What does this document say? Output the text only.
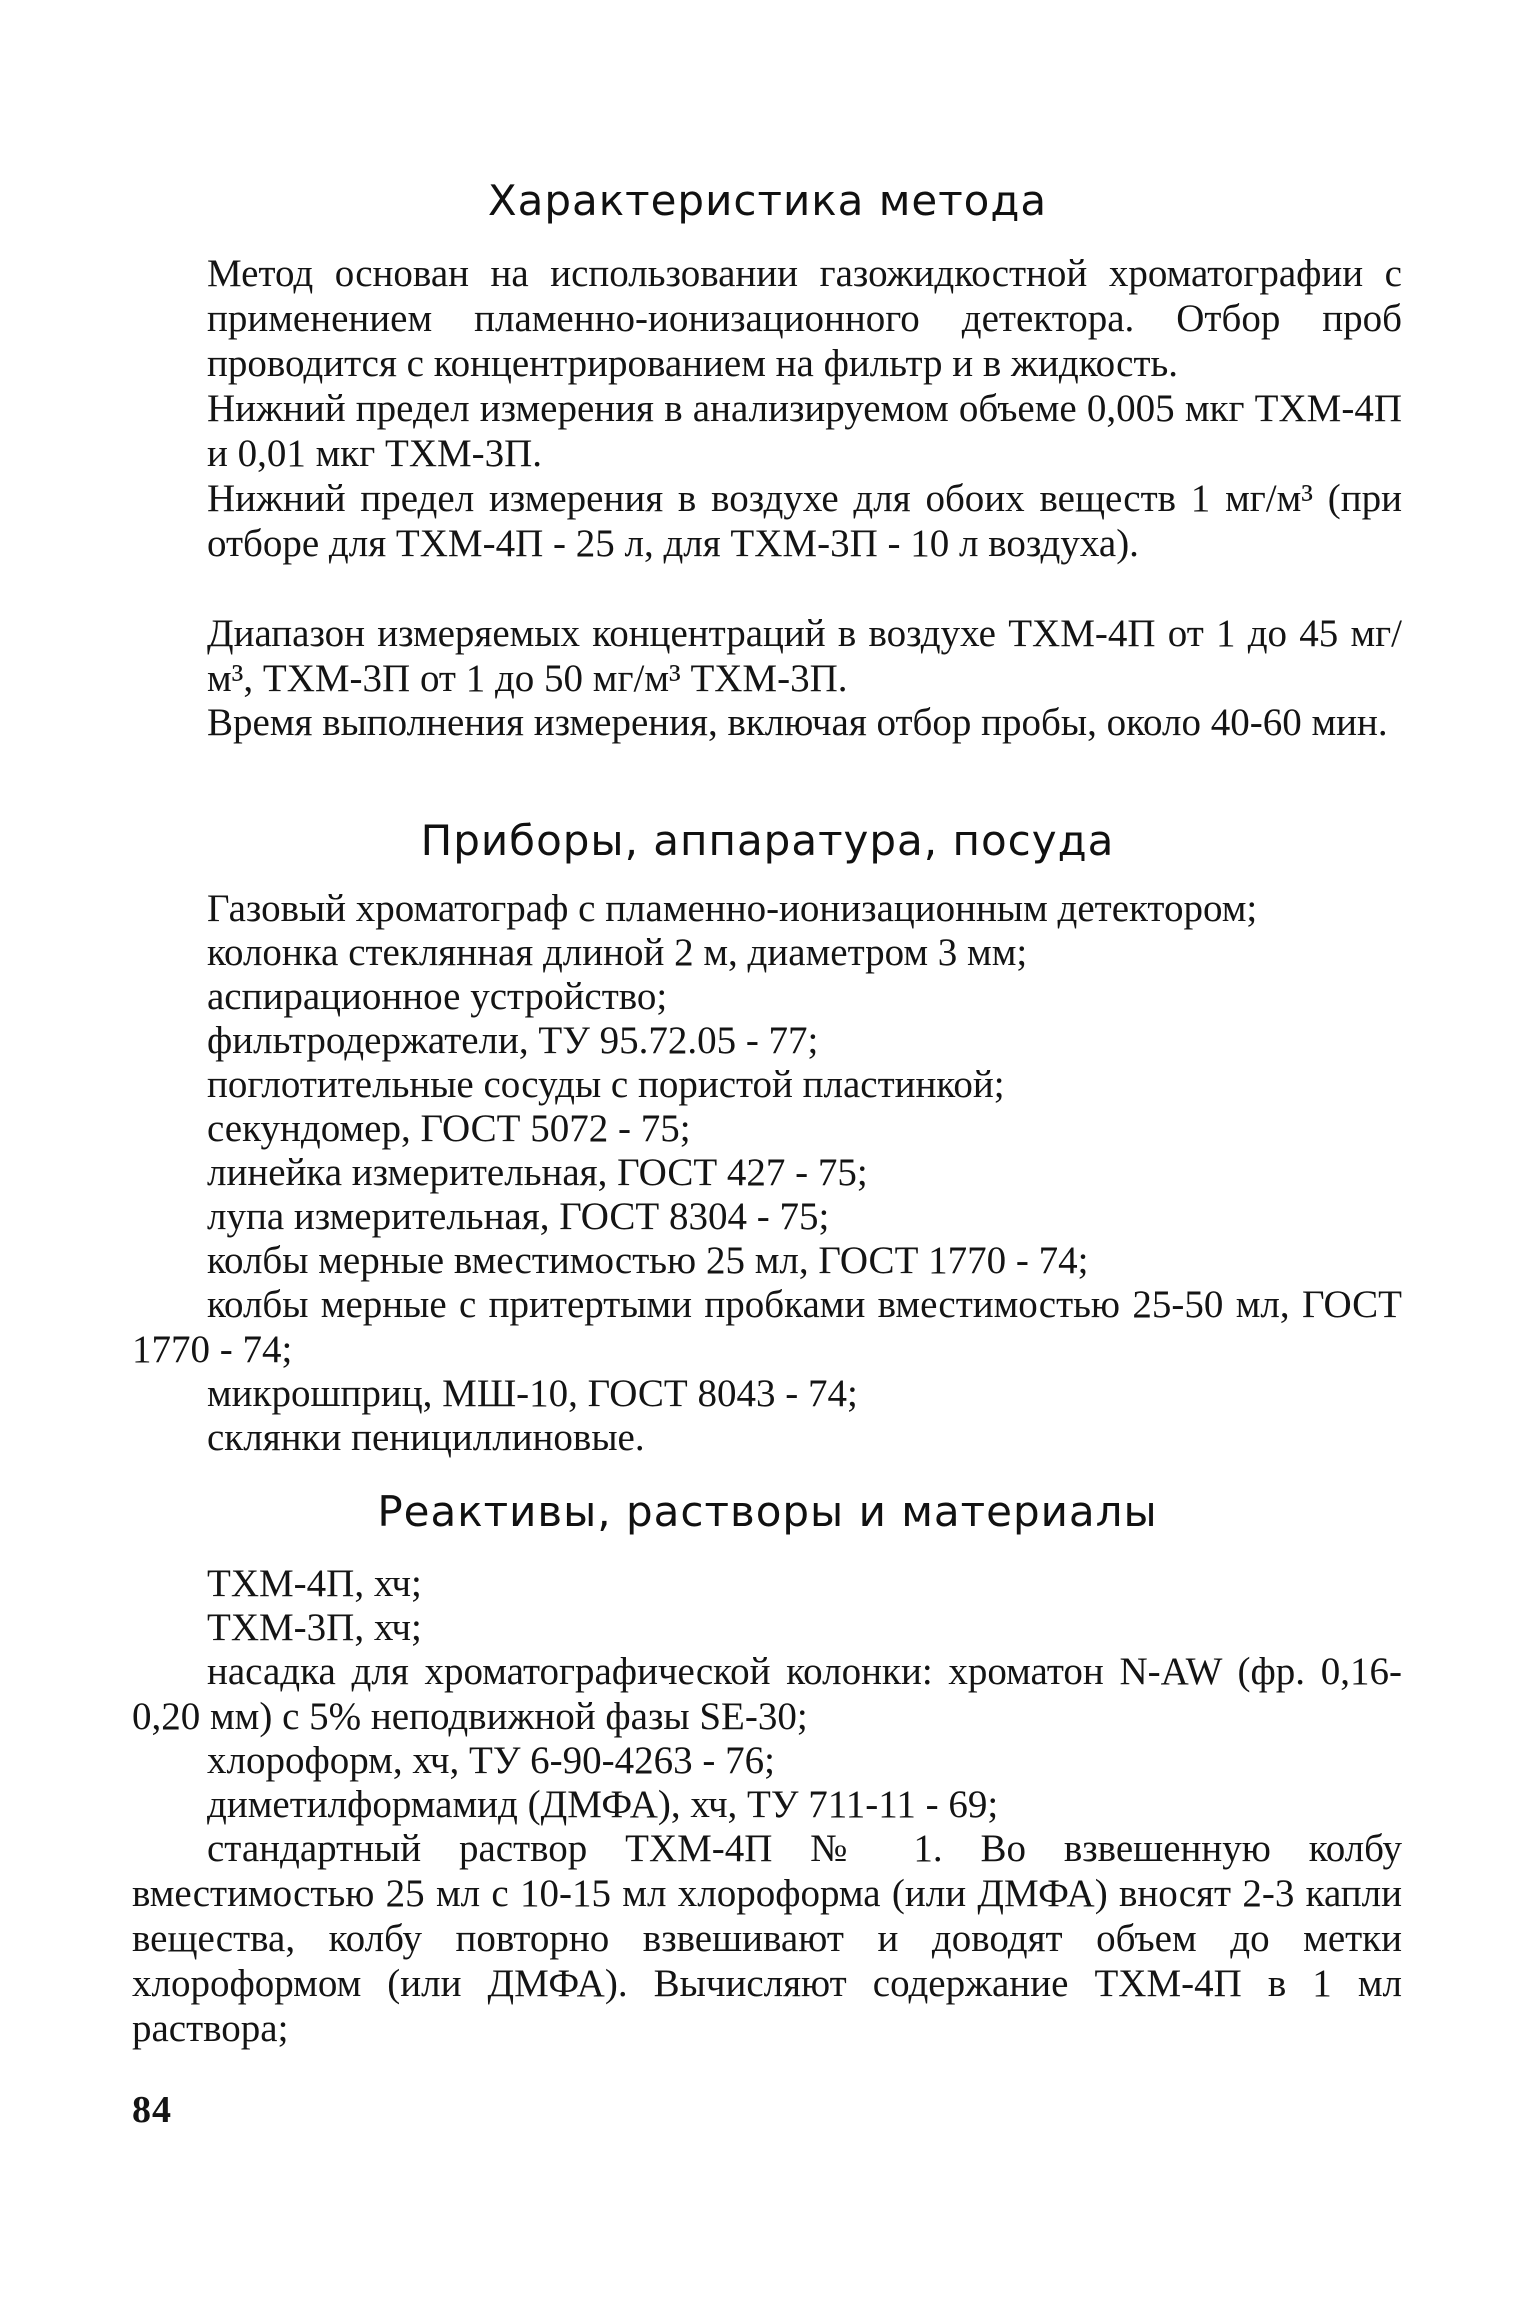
Характеристика метода
Метод основан на использовании газожидкостной хроматографии с применением пламенно-ионизационного детектора. Отбор проб проводится с концентрированием на фильтр и в жидкость.
Нижний предел измерения в анализируемом объеме 0,005 мкг ТХМ-4П и 0,01 мкг ТХМ-3П.
Нижний предел измерения в воздухе для обоих веществ 1 мг/м³ (при отборе для ТХМ-4П - 25 л, для ТХМ-3П - 10 л воздуха).
Диапазон измеряемых концентраций в воздухе ТХМ-4П от 1 до 45 мг/м³, ТХМ-3П от 1 до 50 мг/м³ ТХМ-3П.
Время выполнения измерения, включая отбор пробы, около 40-60 мин.
Приборы, аппаратура, посуда
Газовый хроматограф с пламенно-ионизационным детектором;
колонка стеклянная длиной 2 м, диаметром 3 мм;
аспирационное устройство;
фильтродержатели, ТУ 95.72.05 - 77;
поглотительные сосуды с пористой пластинкой;
секундомер, ГОСТ 5072 - 75;
линейка измерительная, ГОСТ 427 - 75;
лупа измерительная, ГОСТ 8304 - 75;
колбы мерные вместимостью 25 мл, ГОСТ 1770 - 74;
колбы мерные с притертыми пробками вместимостью 25-50 мл, ГОСТ 1770 - 74;
микрошприц, МШ-10, ГОСТ 8043 - 74;
склянки пенициллиновые.
Реактивы, растворы и материалы
ТХМ-4П, хч;
ТХМ-3П, хч;
насадка для хроматографической колонки: хроматон N-AW (фр. 0,16-0,20 мм) с 5% неподвижной фазы SE-30;
хлороформ, хч, ТУ 6-90-4263 - 76;
диметилформамид (ДМФА), хч, ТУ 711-11 - 69;
стандартный раствор ТХМ-4П № 1. Во взвешенную колбу вместимостью 25 мл с 10-15 мл хлороформа (или ДМФА) вносят 2-3 капли вещества, колбу повторно взвешивают и доводят объем до метки хлороформом (или ДМФА). Вычисляют содержание ТХМ-4П в 1 мл раствора;
84
